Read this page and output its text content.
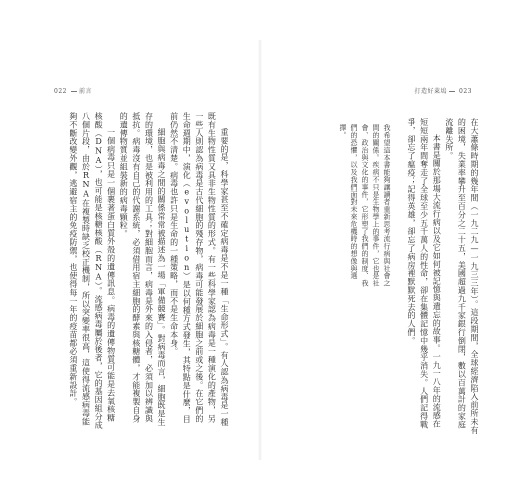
022 前言

重要的是，科學家甚至不確定病毒是不是一種「生命形式」。有人認為病毒是一種既有生物性質又具非生物性質的形式。有一些科學家認為病毒是一種演化的產物，另一些人則認為病毒是古代細胞的殘存物，病毒可能發展於細胞之前或之後。在它們的生命週期中，演化（evolution）是以何種方式發生，其特點是什麼，目前仍然不清楚。病毒也許只是生命的一種策略，而不是生命本身。

細胞與病毒之間的關係常常被描述為一場「軍備競賽」。對病毒而言，細胞既是生存的環境，也是被利用的工具；對細胞而言，病毒是外來的入侵者，必須加以辨識與抵抗。病毒沒有自己的代謝系統，必須借用宿主細胞的酵素與核糖體，才能複製自身的遺傳物質並組裝新的病毒顆粒。

一個病毒只是一個裹著蛋白質外殼的遺傳訊息。病毒的遺傳物質可能是去氧核糖核酸（DNA），也可能是核糖核酸（RNA）。流感病毒屬於後者，它的基因組分成八個片段，由於RNA在複製時缺乏校正機制，所以突變率很高，這使得流感病毒能夠不斷改變外觀，逃避宿主的免疫防禦，也使得每一年的疫苗都必須重新設計。

打造好萊塢 023

在大蕭條時期的幾年間（一九二九—一九三三年）。這段期間，全球經濟陷入前所未有的困境，失業率攀升至百分之二十五，美國超過九千家銀行倒閉，數以百萬計的家庭流離失所。

本書是關於那場大流行病以及它如何被記憶與遺忘的故事。一九一八年的流感在短短兩年間奪走了全球至少五千萬人的性命，卻在集體記憶中幾乎消失。人們記得戰爭，卻忘了瘟疫；記得英雄，卻忘了病房裡默默死去的人們。

我希望這本書能夠讓讀者重新思考流行病與社會之間的關係。疾病不只是生物學上的事件，它也是社會、政治與文化的事件，它形塑了我們的制度、我們的恐懼，以及我們面對未來危機時的想像與選擇。
